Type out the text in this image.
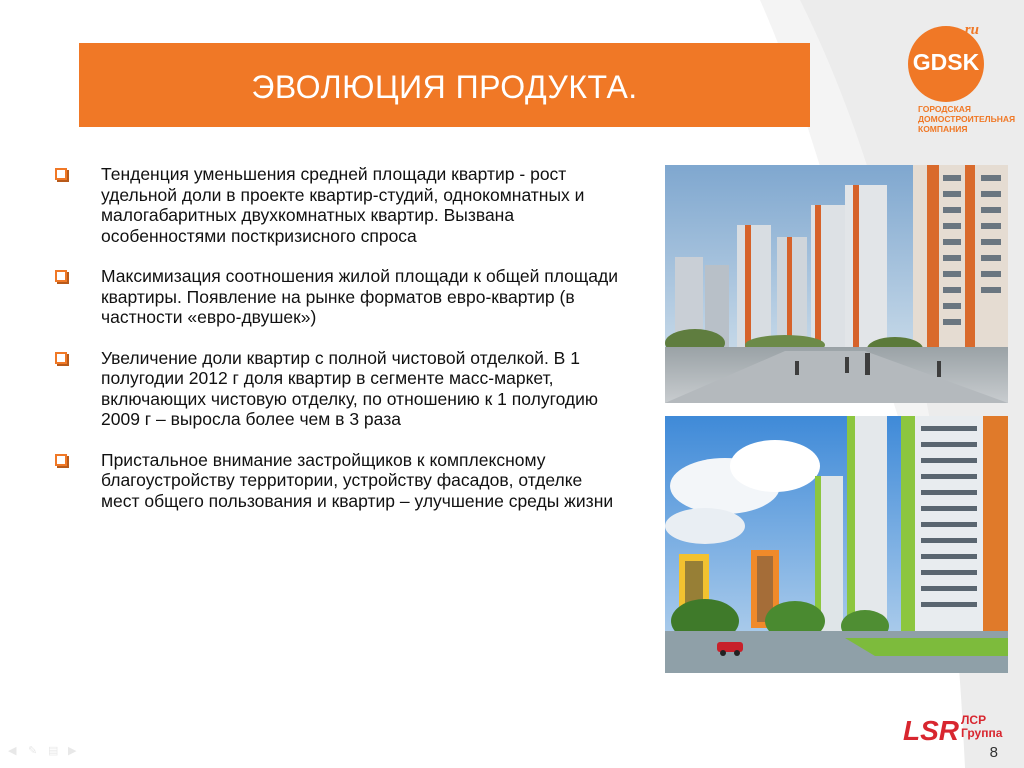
ЭВОЛЮЦИЯ ПРОДУКТА.
GDSK
.ru
ГОРОДСКАЯ
ДОМОСТРОИТЕЛЬНАЯ
КОМПАНИЯ
Тенденция уменьшения средней площади квартир - рост удельной доли в проекте квартир-студий, однокомнатных и малогабаритных двухкомнатных квартир. Вызвана особенностями посткризисного спроса
Максимизация соотношения жилой площади к общей площади квартиры. Появление на рынке форматов евро-квартир (в частности «евро-двушек»)
Увеличение доли квартир с полной чистовой отделкой. В 1 полугодии 2012 г доля квартир в сегменте масс-маркет, включающих чистовую отделку, по отношению к 1 полугодию 2009 г – выросла более чем в 3 раза
Пристальное внимание застройщиков к комплексному благоустройству территории, устройству фасадов, отделке мест общего пользования и квартир – улучшение среды жизни
LSR ЛСР
Группа
8
◀	✎ ▤ ▶
